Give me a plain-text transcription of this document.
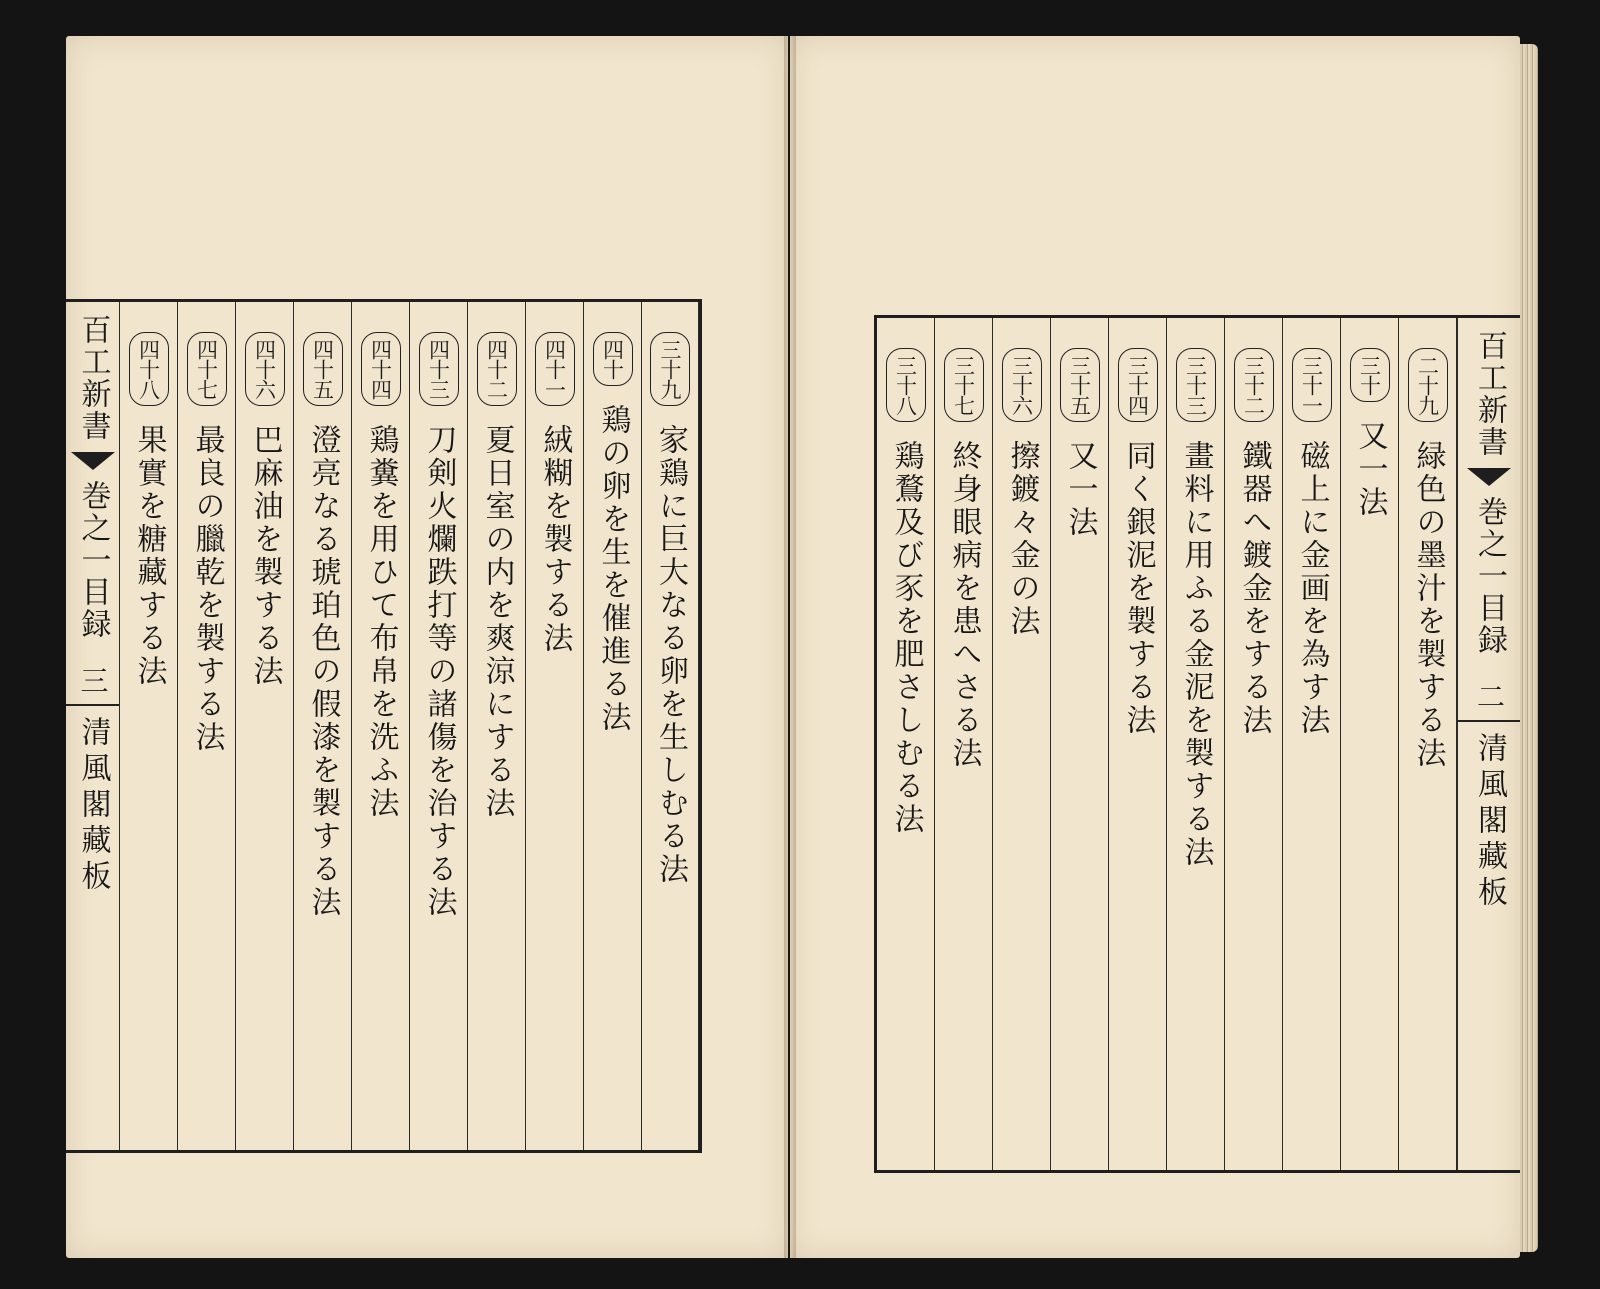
百工新書
巻之一目録
二
清風閣藏板
二十九
緑色の墨汁を製する法
三十
又一法
三十一
磁上に金画を為す法
三十二
鐵器へ鍍金をする法
三十三
畫料に用ふる金泥を製する法
三十四
同く銀泥を製する法
三十五
又一法
三十六
擦鍍々金の法
三十七
終身眼病を患へさる法
三十八
鶏鶩及び豕を肥さしむる法
三十九
家鶏に巨大なる卵を生しむる法
四十
鶏の卵を生を催進る法
四十一
絨糊を製する法
四十二
夏日室の内を爽涼にする法
四十三
刀剣火爛跌打等の諸傷を治する法
四十四
鶏糞を用ひて布帛を洗ふ法
四十五
澄亮なる琥珀色の假漆を製する法
四十六
巴麻油を製する法
四十七
最良の臘乾を製する法
四十八
果實を糖藏する法
百工新書
巻之一目録
三
清風閣藏板
